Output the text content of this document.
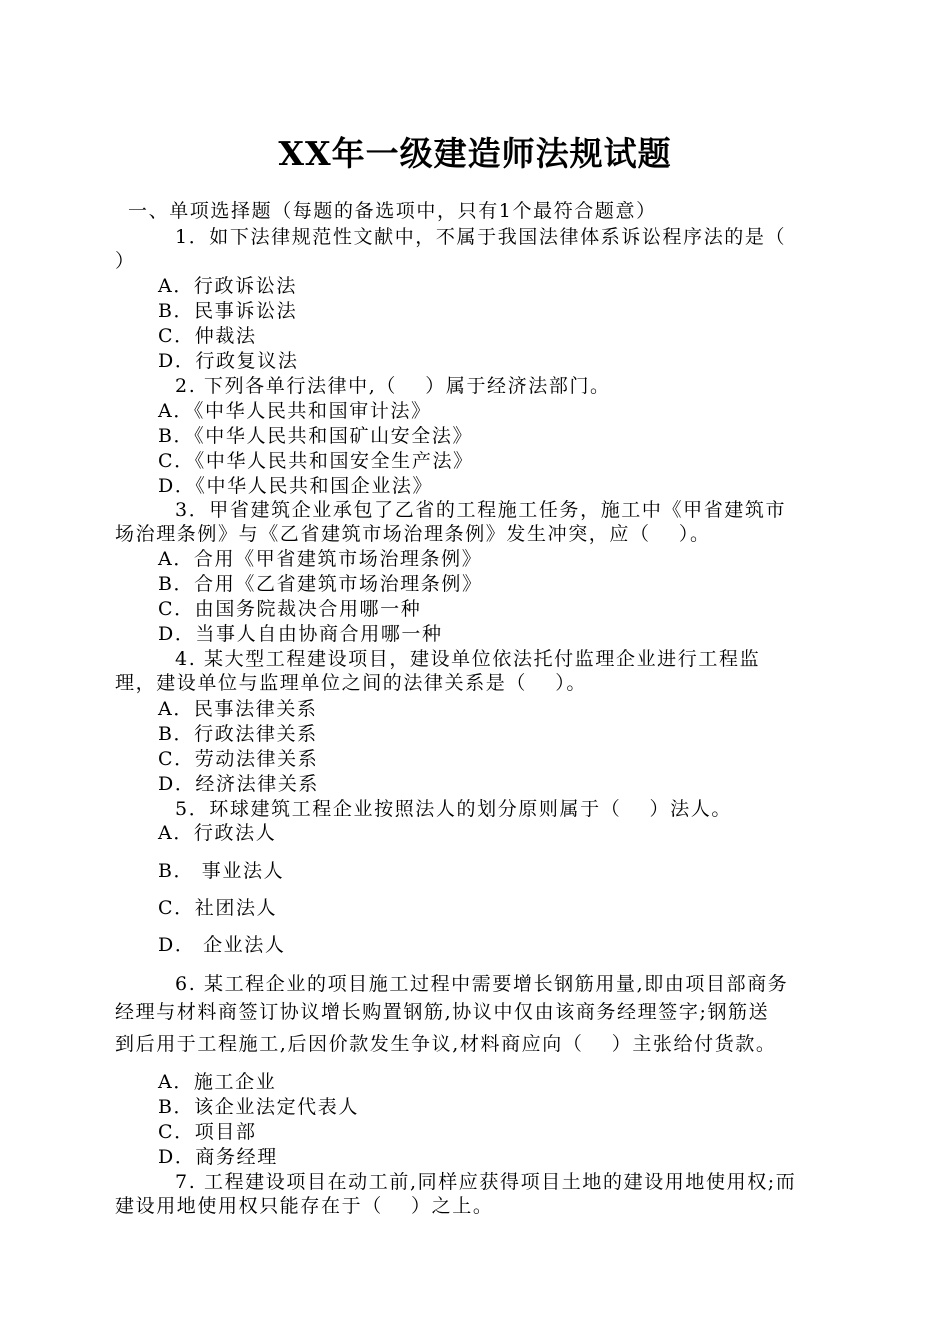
XX年一级建造师法规试题
一、单项选择题（每题的备选项中，只有1个最符合题意）
1．如下法律规范性文献中，不属于我国法律体系诉讼程序法的是（
）
A．行政诉讼法
B．民事诉讼法
C．仲裁法
D．行政复议法
2. 下列各单行法律中,（　 ）属于经济法部门。
A．《中华人民共和国审计法》
B．《中华人民共和国矿山安全法》
C．《中华人民共和国安全生产法》
D．《中华人民共和国企业法》
3．甲省建筑企业承包了乙省的工程施工任务，施工中《甲省建筑市
场治理条例》与《乙省建筑市场治理条例》发生冲突，应（　 ）。
A．合用《甲省建筑市场治理条例》
B．合用《乙省建筑市场治理条例》
C．由国务院裁决合用哪一种
D．当事人自由协商合用哪一种
4. 某大型工程建设项目，建设单位依法托付监理企业进行工程监
理，建设单位与监理单位之间的法律关系是（　 ）。
A．民事法律关系
B．行政法律关系
C．劳动法律关系
D．经济法律关系
5．环球建筑工程企业按照法人的划分原则属于（　 ）法人。
A．行政法人
B． 事业法人
C．社团法人
D． 企业法人
6. 某工程企业的项目施工过程中需要增长钢筋用量,即由项目部商务
经理与材料商签订协议增长购置钢筋,协议中仅由该商务经理签字;钢筋送
到后用于工程施工,后因价款发生争议,材料商应向（　 ）主张给付货款。
A．施工企业
B．该企业法定代表人
C．项目部
D．商务经理
7. 工程建设项目在动工前,同样应获得项目土地的建设用地使用权;而
建设用地使用权只能存在于（　 ）之上。
